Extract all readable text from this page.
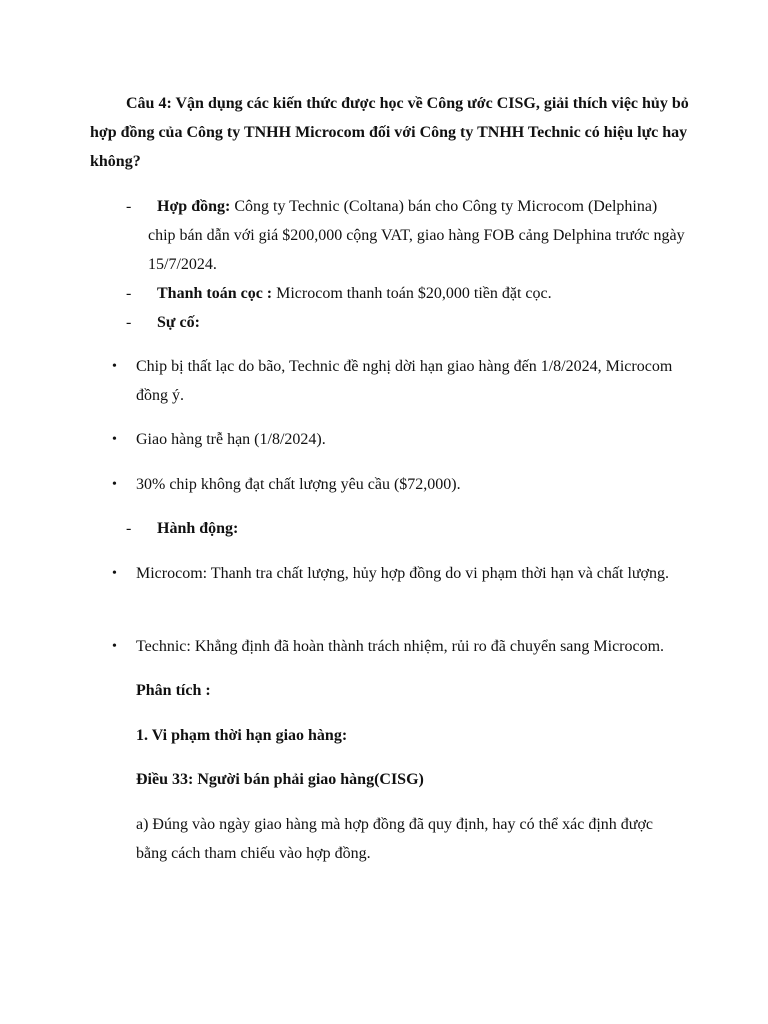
Câu 4: Vận dụng các kiến thức được học về Công ước CISG, giải thích việc hủy bỏ hợp đồng của Công ty TNHH Microcom đối với Công ty TNHH Technic có hiệu lực hay không?

-	Hợp đồng: Công ty Technic (Coltana) bán cho Công ty Microcom (Delphina) chip bán dẫn với giá $200,000 cộng VAT, giao hàng FOB cảng Delphina trước ngày 15/7/2024.
-	Thanh toán cọc : Microcom thanh toán $20,000 tiền đặt cọc.
-	Sự cố:
•	Chip bị thất lạc do bão, Technic đề nghị dời hạn giao hàng đến 1/8/2024, Microcom đồng ý.
•	Giao hàng trễ hạn (1/8/2024).
•	30% chip không đạt chất lượng yêu cầu ($72,000).
-	Hành động:
•	Microcom: Thanh tra chất lượng, hủy hợp đồng do vi phạm thời hạn và chất lượng.
•	Technic: Khẳng định đã hoàn thành trách nhiệm, rủi ro đã chuyển sang Microcom.

Phân tích :

1. Vi phạm thời hạn giao hàng:

Điều 33: Người bán phải giao hàng(CISG)

a) Đúng vào ngày giao hàng mà hợp đồng đã quy định, hay có thể xác định được bằng cách tham chiếu vào hợp đồng.
